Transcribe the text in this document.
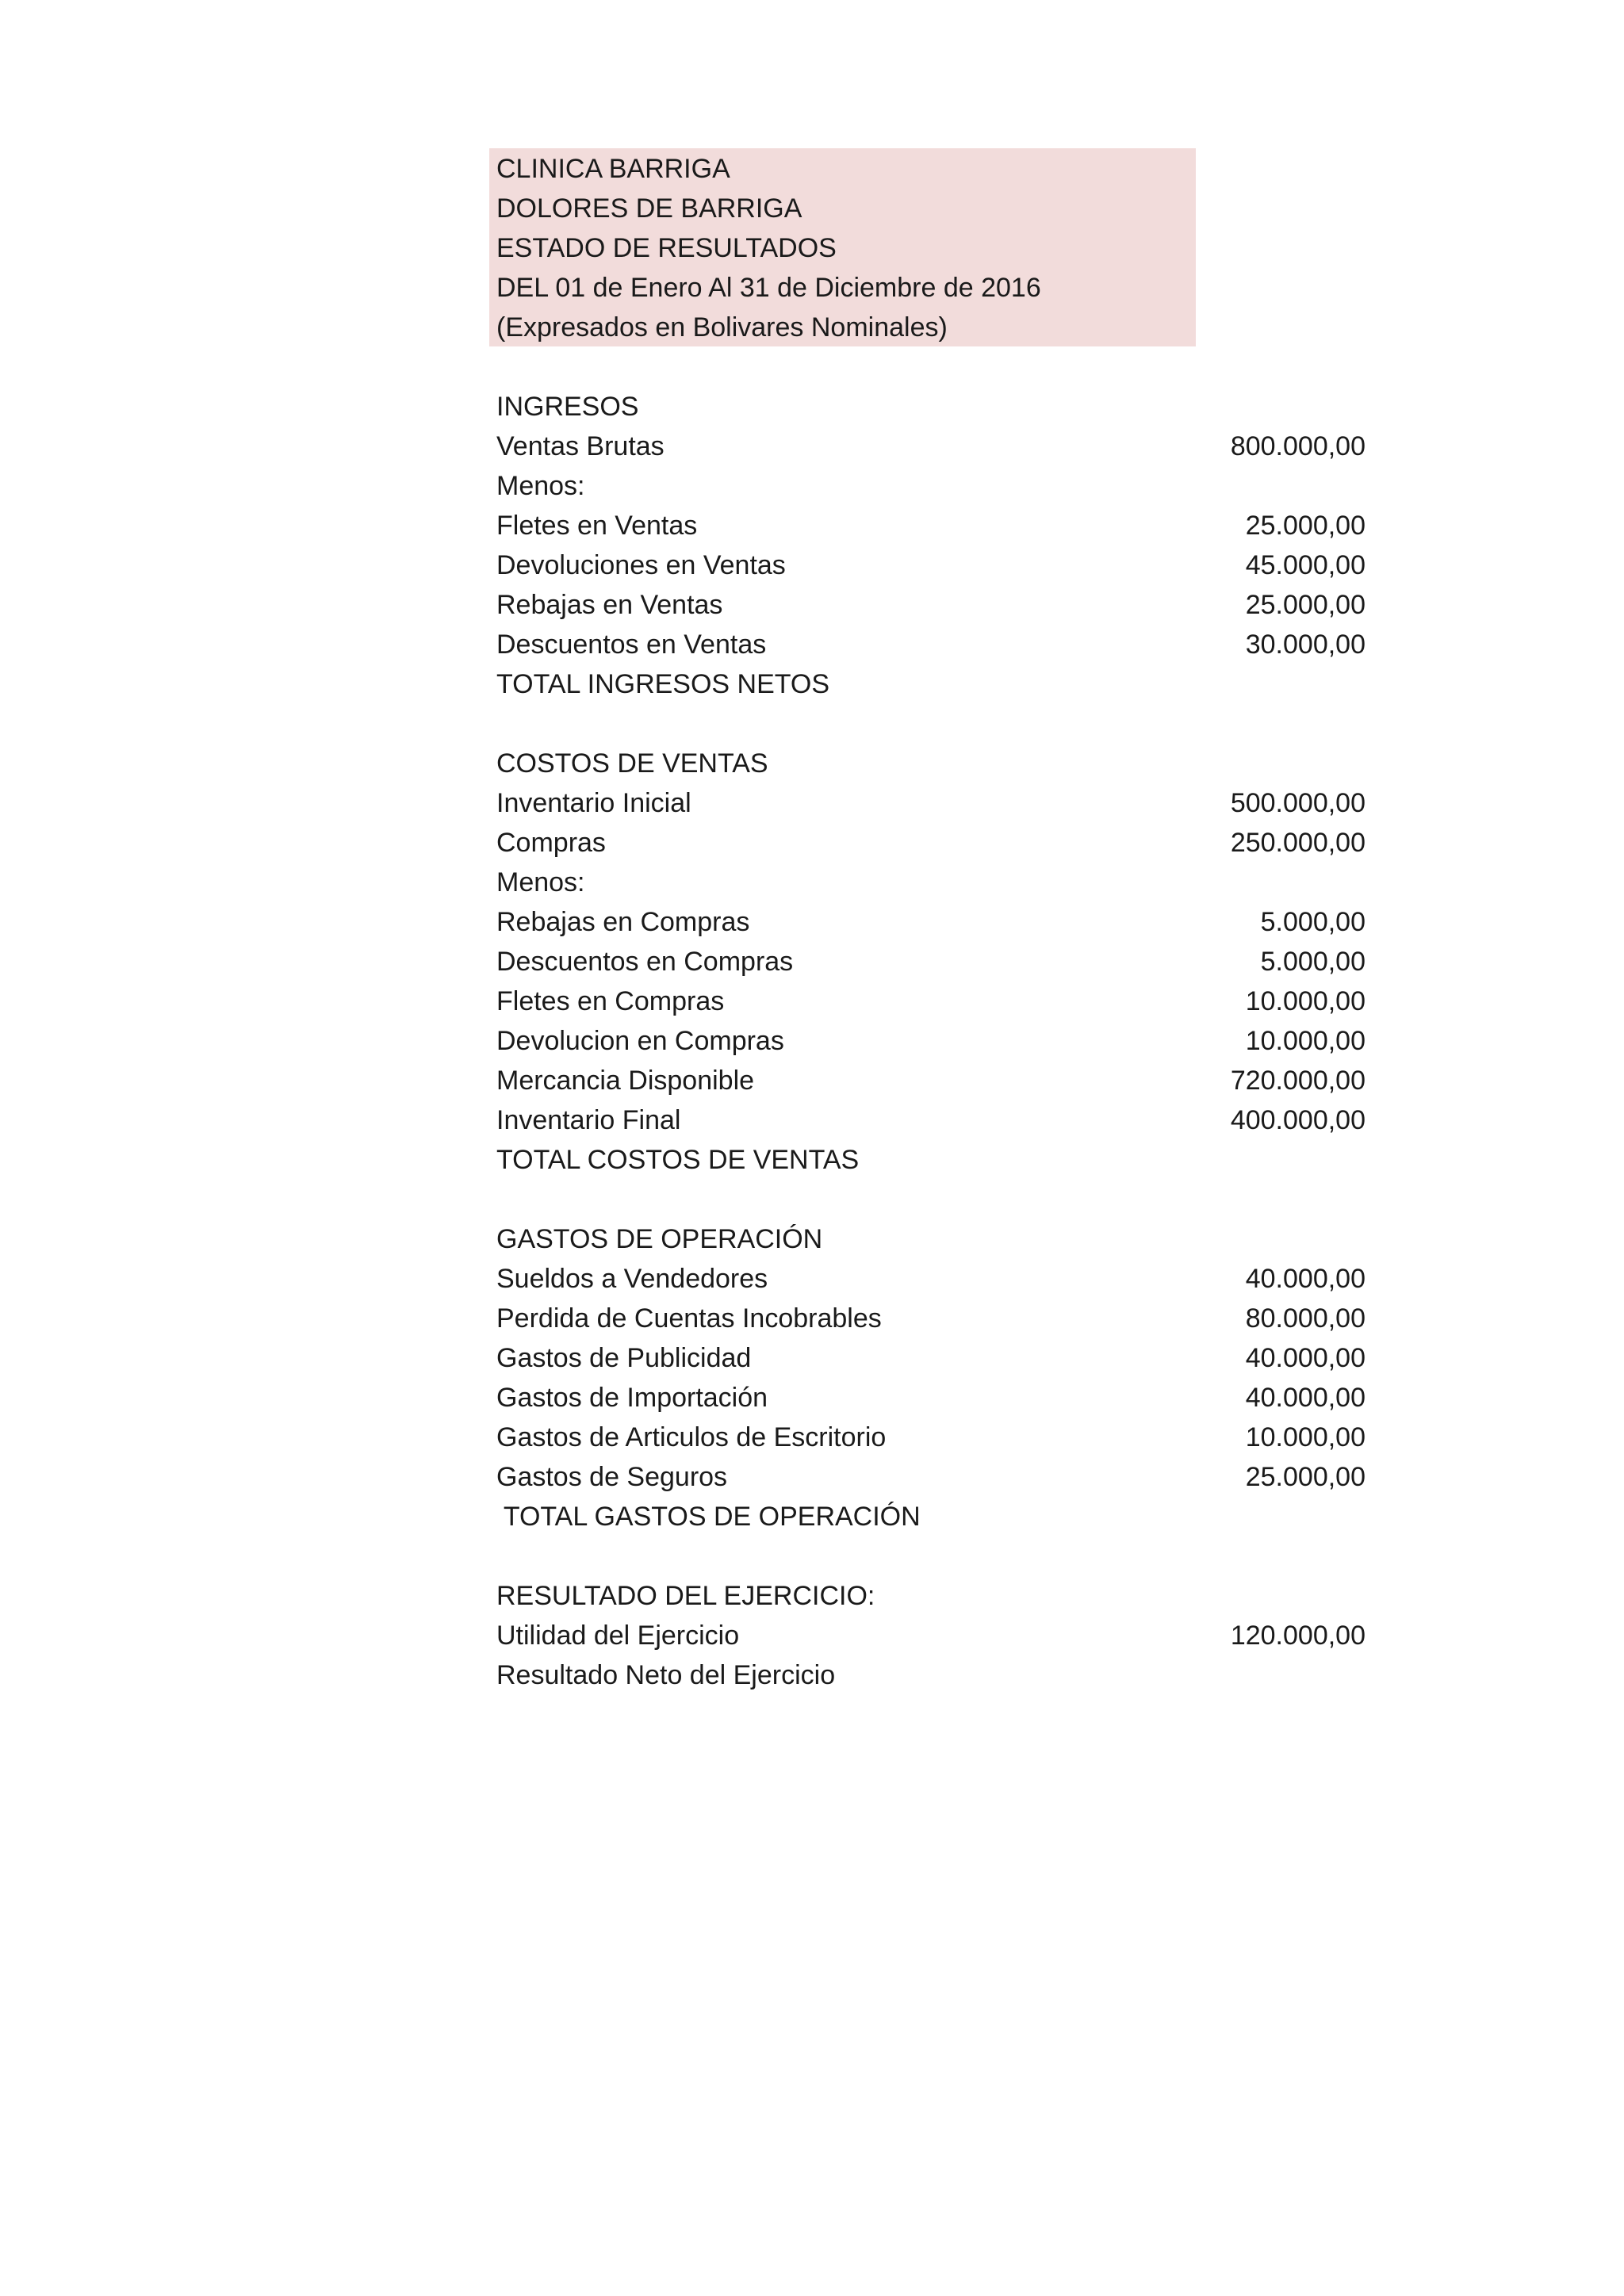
CLINICA BARRIGA
DOLORES DE BARRIGA
ESTADO DE RESULTADOS
DEL 01 de Enero Al 31 de Diciembre de 2016
(Expresados en Bolivares Nominales)
INGRESOS
Ventas Brutas	800.000,00
Menos:
Fletes en Ventas	25.000,00
Devoluciones en Ventas	45.000,00
Rebajas en Ventas	25.000,00
Descuentos en Ventas	30.000,00
TOTAL INGRESOS NETOS
COSTOS DE VENTAS
Inventario Inicial	500.000,00
Compras	250.000,00
Menos:
Rebajas en Compras	5.000,00
Descuentos en Compras	5.000,00
Fletes en Compras	10.000,00
Devolucion en Compras	10.000,00
Mercancia Disponible	720.000,00
Inventario Final	400.000,00
TOTAL COSTOS DE VENTAS
GASTOS DE OPERACIÓN
Sueldos a Vendedores	40.000,00
Perdida de Cuentas Incobrables	80.000,00
Gastos de Publicidad	40.000,00
Gastos de Importación	40.000,00
Gastos de Articulos de Escritorio	10.000,00
Gastos de Seguros	25.000,00
TOTAL GASTOS DE OPERACIÓN
RESULTADO DEL EJERCICIO:
Utilidad del Ejercicio	120.000,00
Resultado Neto del Ejercicio
